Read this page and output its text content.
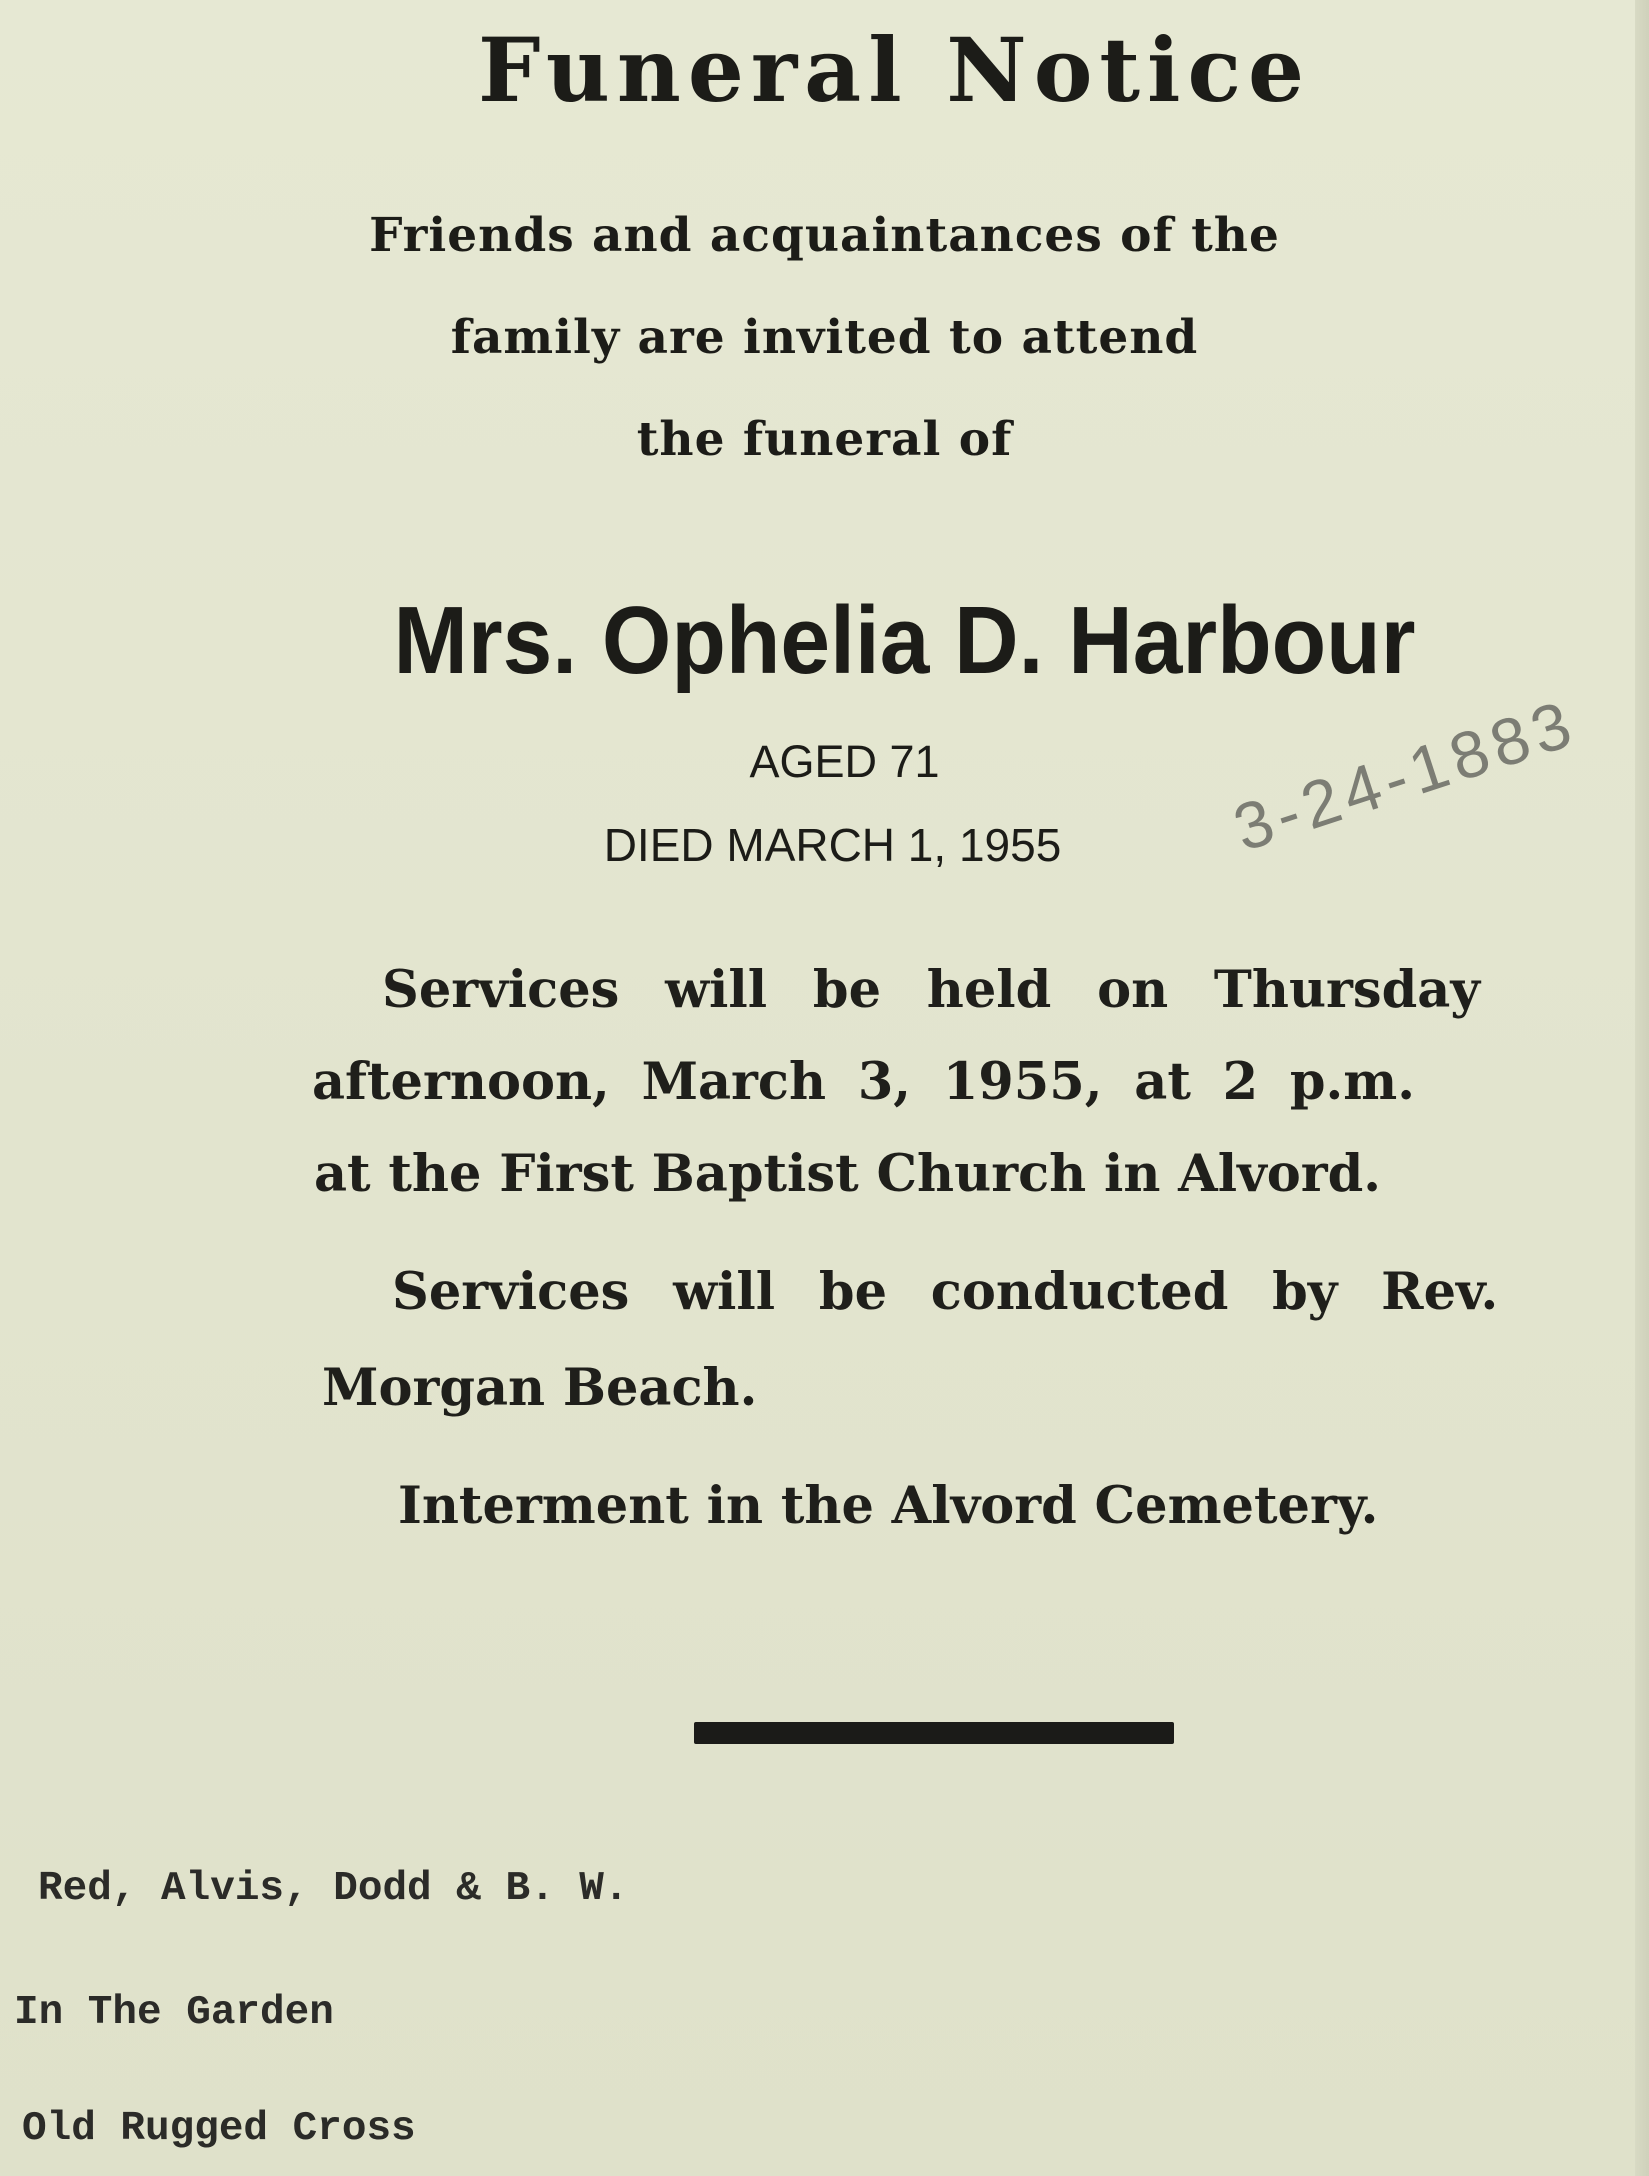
Funeral Notice

Friends and acquaintances of the

family are invited to attend

the funeral of

Mrs. Ophelia D. Harbour

AGED 71

DIED MARCH 1, 1955

Services will be held on Thursday

afternoon, March 3, 1955, at 2 p.m.

at the First Baptist Church in Alvord.

Services will be conducted by Rev.

Morgan Beach.

Interment in the Alvord Cemetery.

Red, Alvis, Dodd & B. W.

In The Garden

Old Rugged Cross

3-24-1883
